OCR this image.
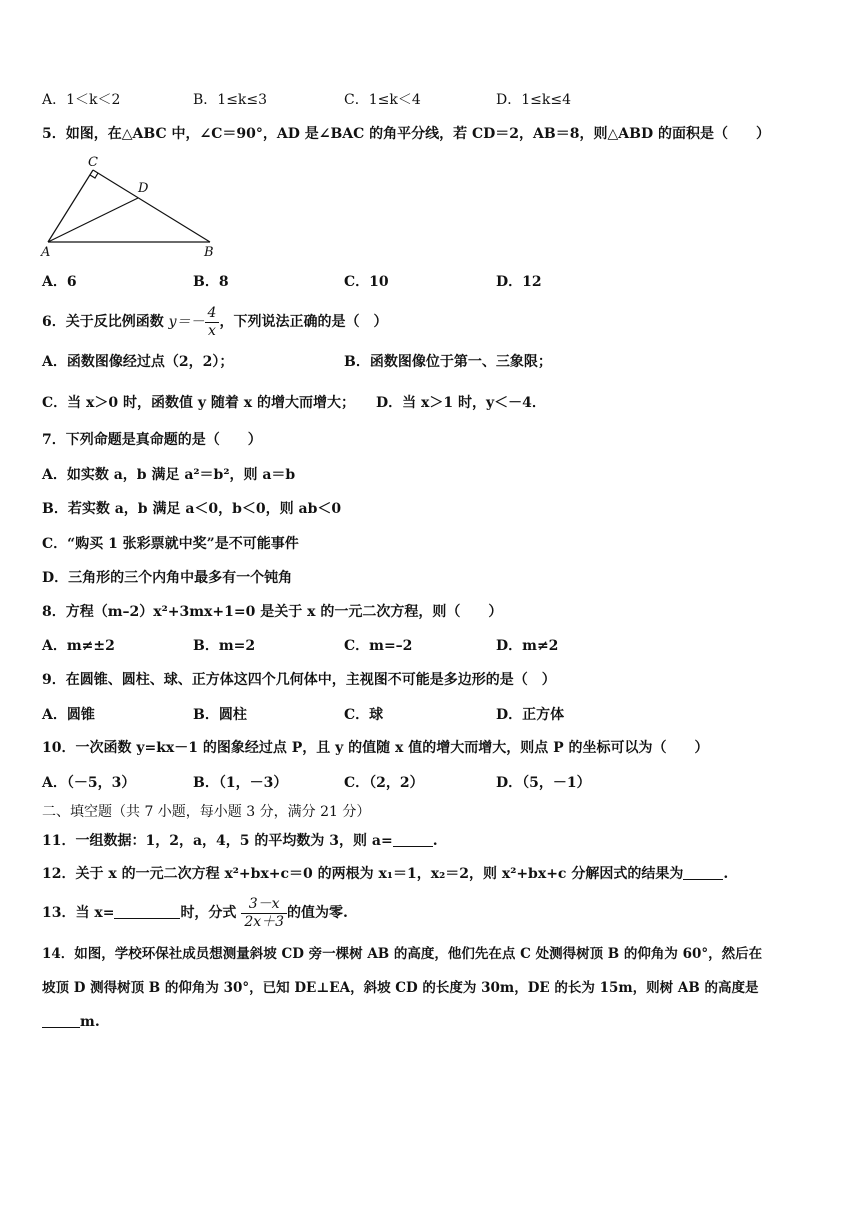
A．1＜k＜2	B．1≤k≤3	C．1≤k＜4	D．1≤k≤4
5．如图，在△ABC 中，∠C＝90°，AD 是∠BAC 的角平分线，若 CD＝2，AB＝8，则△ABD 的面积是（　　）
C
D
A	B
A．6	B．8	C．10	D．12
6．关于反比例函数 $y=- \frac{4}{x}$ ，下列说法正确的是（　）
A．函数图像经过点（2，2）；	B．函数图像位于第一、三象限；
C．当 x＞0 时，函数值 y 随着 x 的增大而增大； D．当 x＞1 时，y＜－4．
7．下列命题是真命题的是（　　）
A．如实数 a，b 满足 a²＝b²，则 a＝b
B．若实数 a，b 满足 a＜0，b＜0，则 ab＜0
C．“购买 1 张彩票就中奖”是不可能事件
D．三角形的三个内角中最多有一个钝角
8．方程（m–2）x²+3mx+1=0 是关于 x 的一元二次方程，则（　　）
A．m≠±2	B．m=2	C．m=–2	D．m≠2
9．在圆锥、圆柱、球、正方体这四个几何体中，主视图不可能是多边形的是（　）
A．圆锥	B．圆柱	C．球	D．正方体
10．一次函数 y=kx－1 的图象经过点 P，且 y 的值随 x 值的增大而增大，则点 P 的坐标可以为（　　）
A．（－5，3）	B．（1，－3）	C．（2，2）	D．（5，－1）
二、填空题（共 7 小题，每小题 3 分，满分 21 分）
11．一组数据：1，2，a，4，5 的平均数为 3，则 a=	.
12．关于 x 的一元二次方程 x²+bx+c＝0 的两根为 x₁＝1，x₂＝2，则 x²+bx+c 分解因式的结果为	.
13．当 x=	时，分式 $\frac{3-x}{2x+3}$ 的值为零.
14．如图，学校环保社成员想测量斜坡 CD 旁一棵树 AB 的高度，他们先在点 C 处测得树顶 B 的仰角为 60°，然后在
坡顶 D 测得树顶 B 的仰角为 30°，已知 DE⊥EA，斜坡 CD 的长度为 30m，DE 的长为 15m，则树 AB 的高度是
m.
